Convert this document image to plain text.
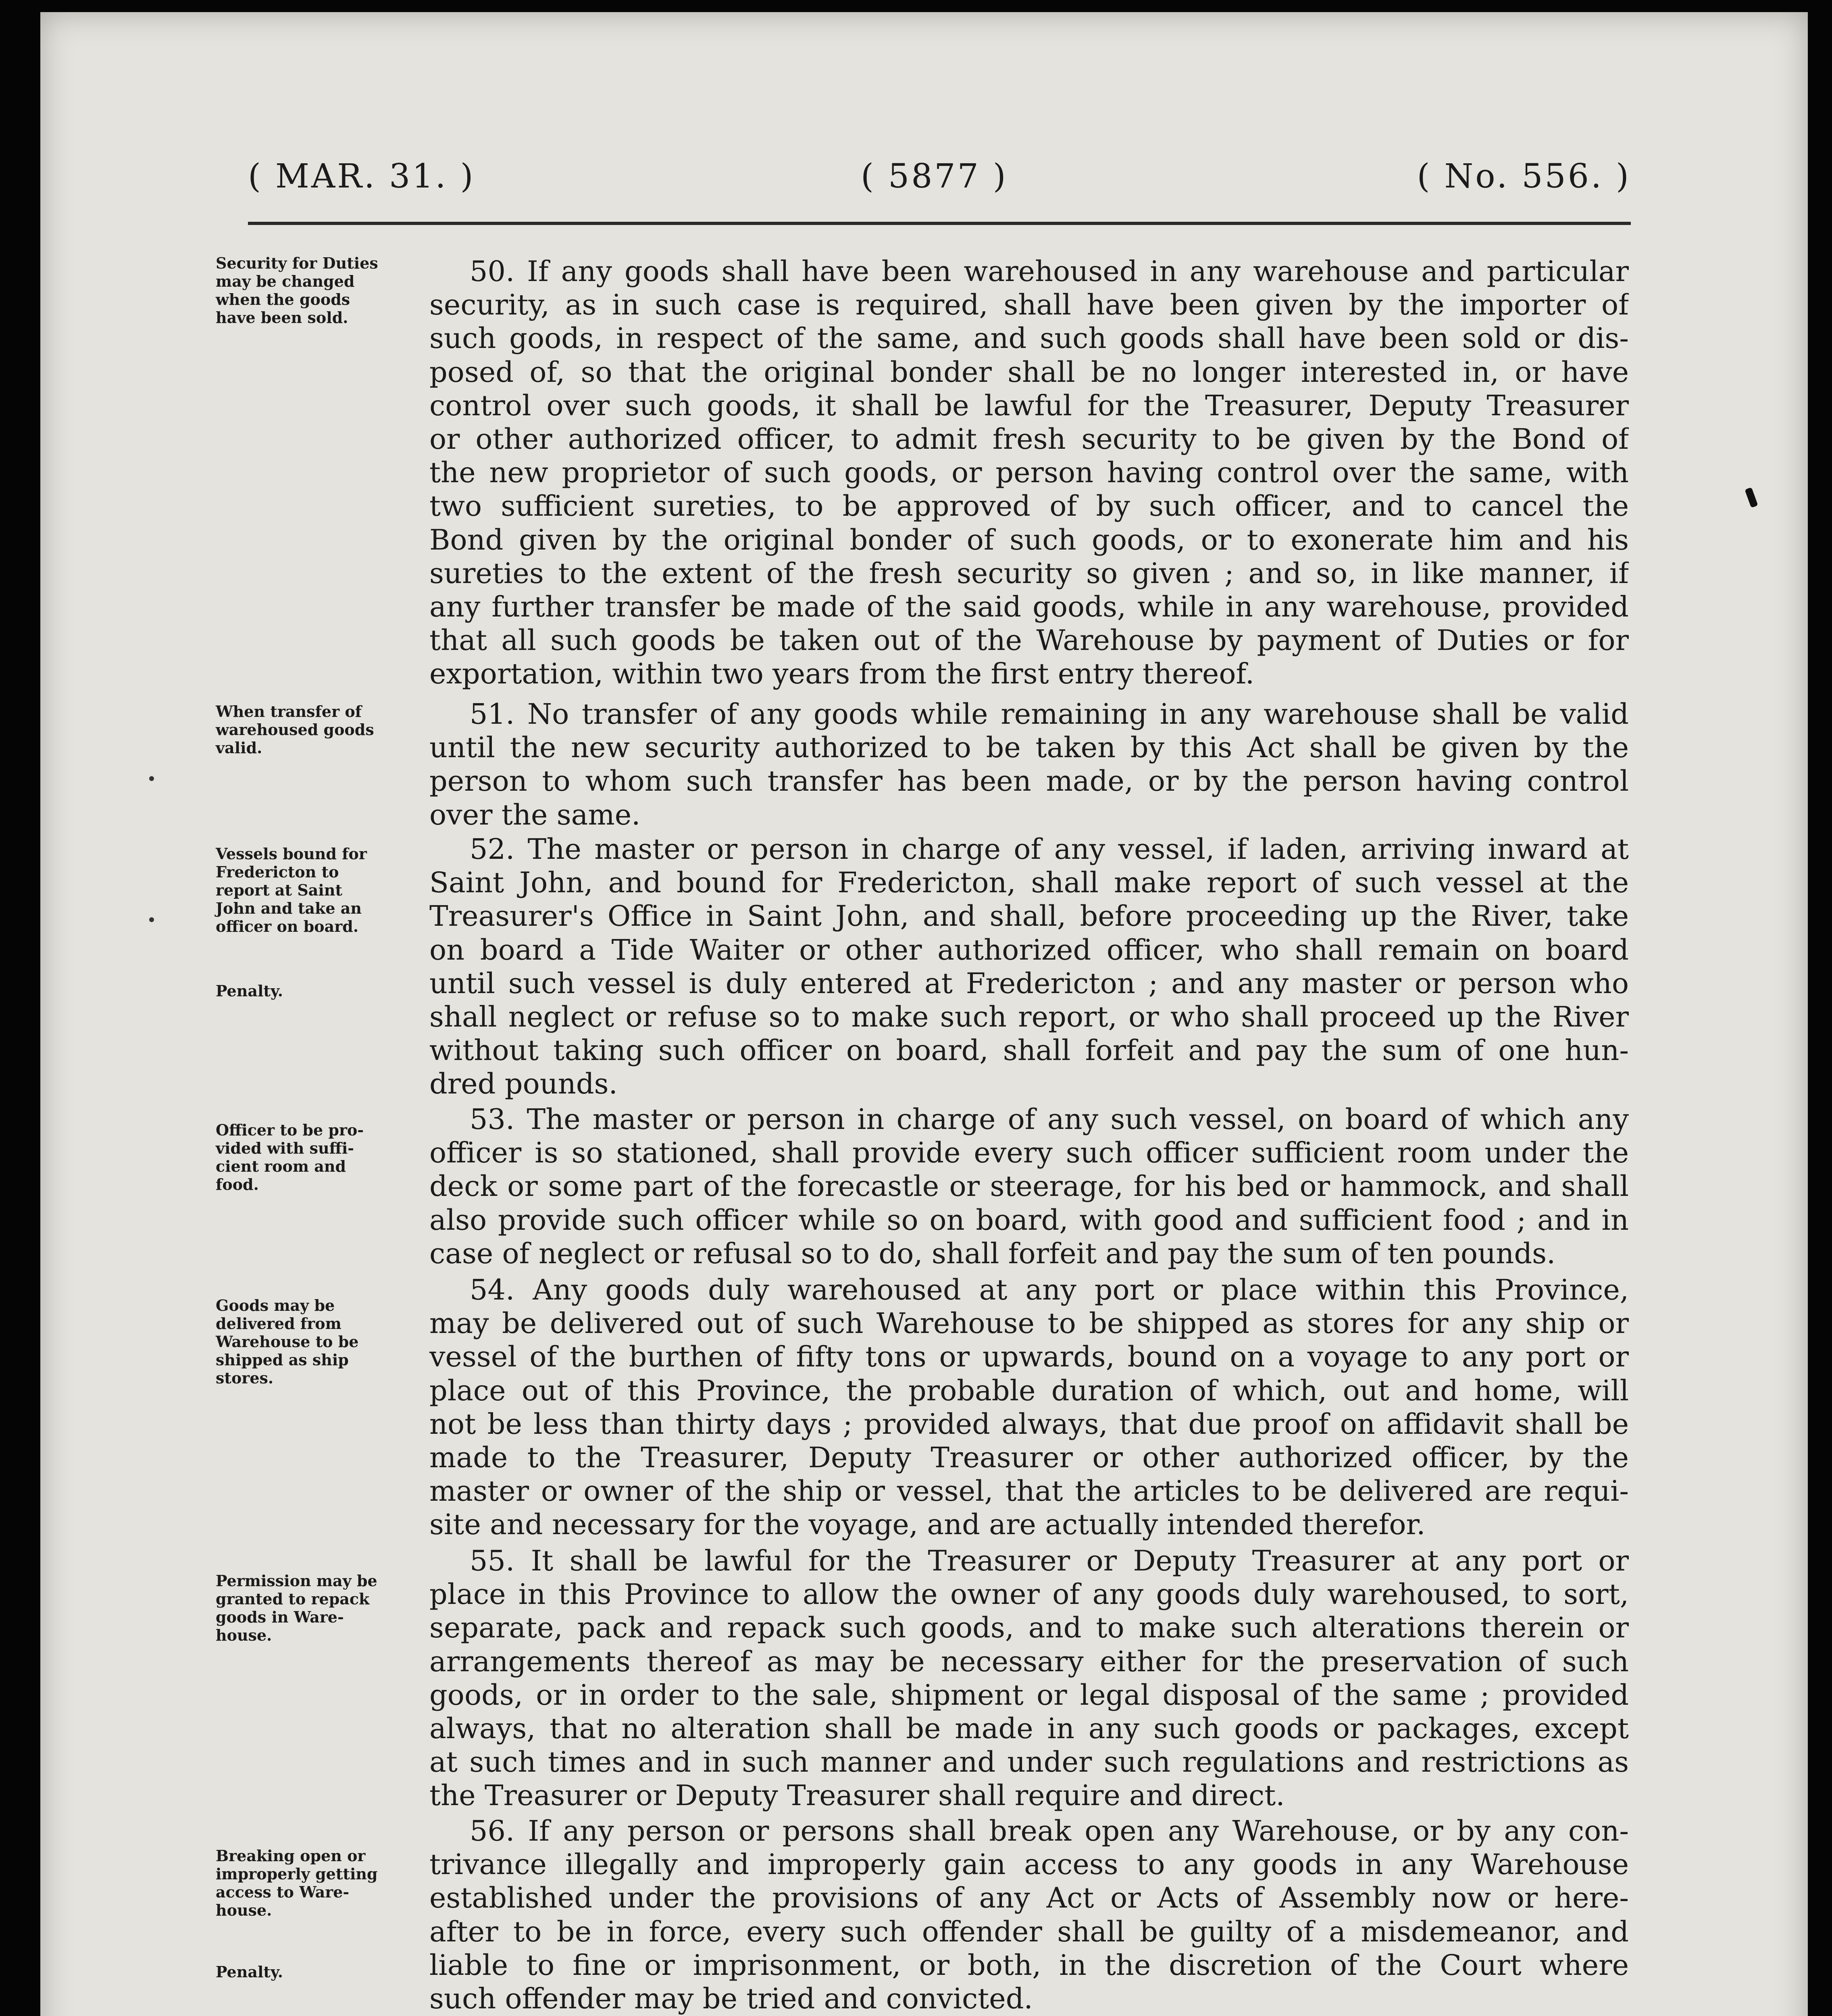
( MAR. 31. )	( 5877 )	( No. 556. )
Security for Duties
may be changed
when the goods
have been sold.
When transfer of
warehoused goods
valid.
Vessels bound for
Fredericton to
report at Saint
John and take an
officer on board.
Penalty.
Officer to be pro-
vided with suffi-
cient room and
food.
Goods may be
delivered from
Warehouse to be
shipped as ship
stores.
Permission may be
granted to repack
goods in Ware-
house.
Breaking open or
improperly getting
access to Ware-
house.
Penalty.

50. If any goods shall have been warehoused in any warehouse and particular
security, as in such case is required, shall have been given by the importer of
such goods, in respect of the same, and such goods shall have been sold or dis-
posed of, so that the original bonder shall be no longer interested in, or have
control over such goods, it shall be lawful for the Treasurer, Deputy Treasurer
or other authorized officer, to admit fresh security to be given by the Bond of
the new proprietor of such goods, or person having control over the same, with
two sufficient sureties, to be approved of by such officer, and to cancel the
Bond given by the original bonder of such goods, or to exonerate him and his
sureties to the extent of the fresh security so given ; and so, in like manner, if
any further transfer be made of the said goods, while in any warehouse, provided
that all such goods be taken out of the Warehouse by payment of Duties or for
exportation, within two years from the first entry thereof.
51. No transfer of any goods while remaining in any warehouse shall be valid
until the new security authorized to be taken by this Act shall be given by the
person to whom such transfer has been made, or by the person having control
over the same.
52. The master or person in charge of any vessel, if laden, arriving inward at
Saint John, and bound for Fredericton, shall make report of such vessel at the
Treasurer's Office in Saint John, and shall, before proceeding up the River, take
on board a Tide Waiter or other authorized officer, who shall remain on board
until such vessel is duly entered at Fredericton ; and any master or person who
shall neglect or refuse so to make such report, or who shall proceed up the River
without taking such officer on board, shall forfeit and pay the sum of one hun-
dred pounds.
53. The master or person in charge of any such vessel, on board of which any
officer is so stationed, shall provide every such officer sufficient room under the
deck or some part of the forecastle or steerage, for his bed or hammock, and shall
also provide such officer while so on board, with good and sufficient food ; and in
case of neglect or refusal so to do, shall forfeit and pay the sum of ten pounds.
54. Any goods duly warehoused at any port or place within this Province,
may be delivered out of such Warehouse to be shipped as stores for any ship or
vessel of the burthen of fifty tons or upwards, bound on a voyage to any port or
place out of this Province, the probable duration of which, out and home, will
not be less than thirty days ; provided always, that due proof on affidavit shall be
made to the Treasurer, Deputy Treasurer or other authorized officer, by the
master or owner of the ship or vessel, that the articles to be delivered are requi-
site and necessary for the voyage, and are actually intended therefor.
55. It shall be lawful for the Treasurer or Deputy Treasurer at any port or
place in this Province to allow the owner of any goods duly warehoused, to sort,
separate, pack and repack such goods, and to make such alterations therein or
arrangements thereof as may be necessary either for the preservation of such
goods, or in order to the sale, shipment or legal disposal of the same ; provided
always, that no alteration shall be made in any such goods or packages, except
at such times and in such manner and under such regulations and restrictions as
the Treasurer or Deputy Treasurer shall require and direct.
56. If any person or persons shall break open any Warehouse, or by any con-
trivance illegally and improperly gain access to any goods in any Warehouse
established under the provisions of any Act or Acts of Assembly now or here-
after to be in force, every such offender shall be guilty of a misdemeanor, and
liable to fine or imprisonment, or both, in the discretion of the Court where
such offender may be tried and convicted.
